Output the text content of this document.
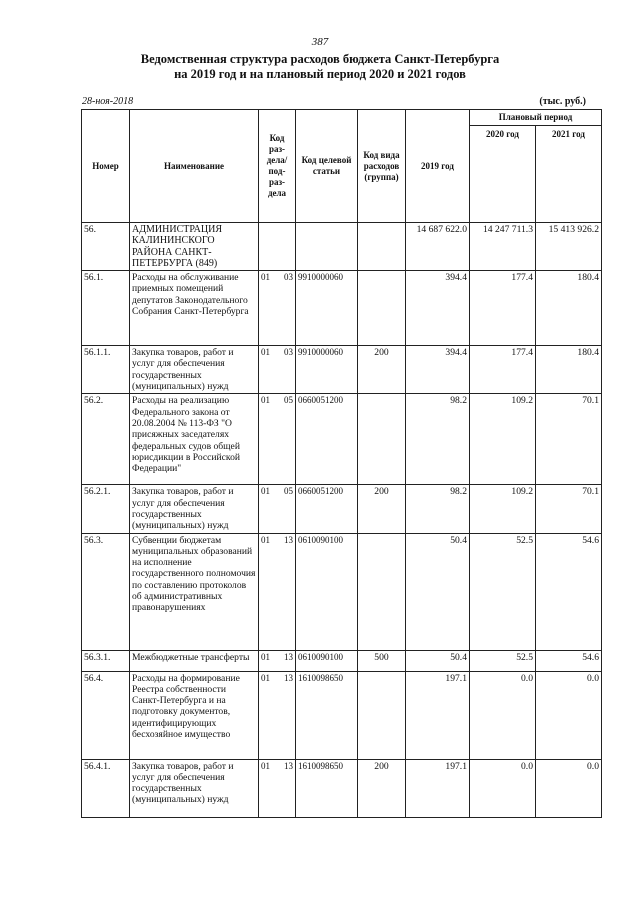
387
Ведомственная структура расходов бюджета Санкт-Петербурга
на 2019 год и на плановый период 2020 и 2021 годов
28-ноя-2018	(тыс. руб.)
Номер	Наименование	Код раз-дела/ под-раз-дела	Код целевой статьи	Код вида расходов (группа)	2019 год	Плановый период	
						2020 год	2021 год
56.	АДМИНИСТРАЦИЯ КАЛИНИНСКОГО РАЙОНА САНКТ-ПЕТЕРБУРГА (849)				14 687 622.0	14 247 711.3	15 413 926.2
56.1.	Расходы на обслуживание приемных помещений депутатов Законодательного Собрания Санкт-Петербурга	01 03	9910000060		394.4	177.4	180.4
56.1.1.	Закупка товаров, работ и услуг для обеспечения государственных (муниципальных) нужд	01 03	9910000060	200	394.4	177.4	180.4
56.2.	Расходы на реализацию Федерального закона от 20.08.2004 № 113-ФЗ "О присяжных заседателях федеральных судов общей юрисдикции в Российской Федерации"	01 05	0660051200		98.2	109.2	70.1
56.2.1.	Закупка товаров, работ и услуг для обеспечения государственных (муниципальных) нужд	01 05	0660051200	200	98.2	109.2	70.1
56.3.	Субвенции бюджетам муниципальных образований на исполнение государственного полномочия по составлению протоколов об административных правонарушениях	01 13	0610090100		50.4	52.5	54.6
56.3.1.	Межбюджетные трансферты	01 13	0610090100	500	50.4	52.5	54.6
56.4.	Расходы на формирование Реестра собственности Санкт-Петербурга и на подготовку документов, идентифицирующих бесхозяйное имущество	01 13	1610098650		197.1	0.0	0.0
56.4.1.	Закупка товаров, работ и услуг для обеспечения государственных (муниципальных) нужд	01 13	1610098650	200	197.1	0.0	0.0
